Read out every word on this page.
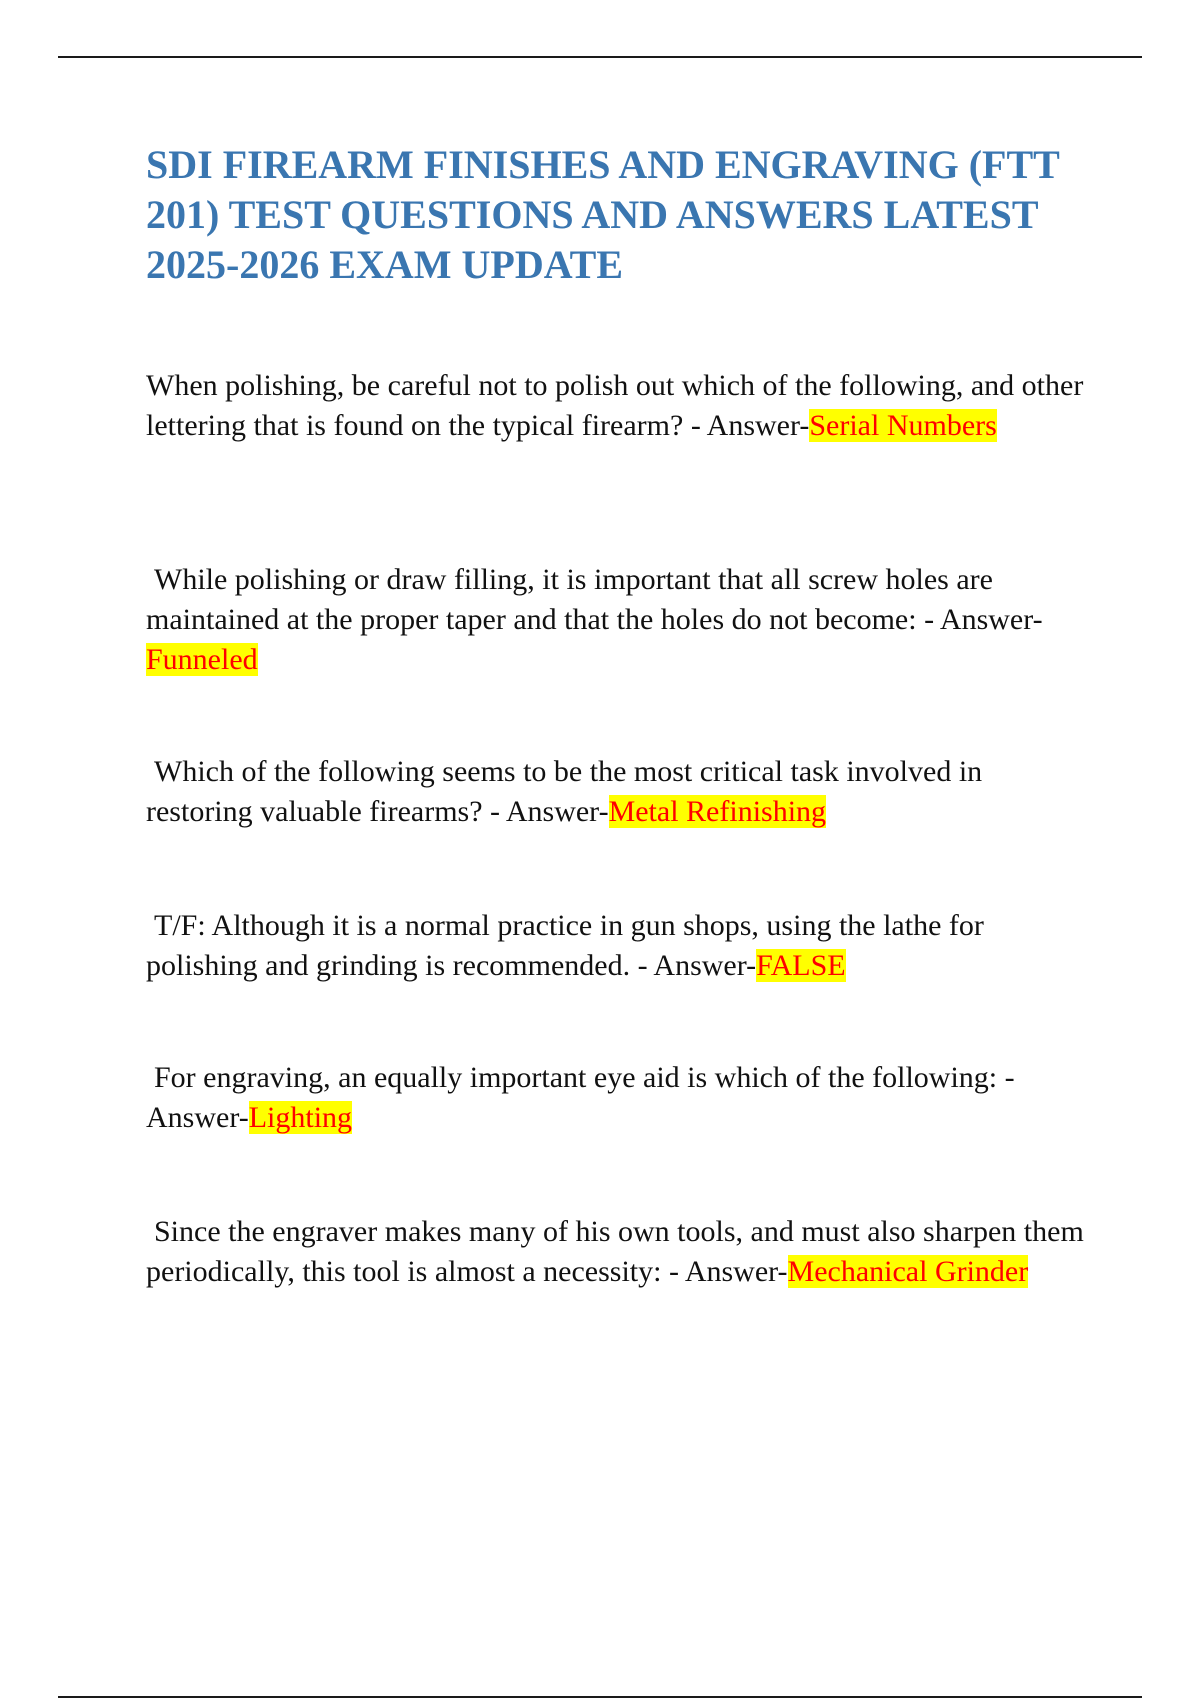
SDI FIREARM FINISHES AND ENGRAVING (FTT 201) TEST QUESTIONS AND ANSWERS LATEST 2025-2026 EXAM UPDATE

When polishing, be careful not to polish out which of the following, and other lettering that is found on the typical firearm? - Answer-Serial Numbers

While polishing or draw filling, it is important that all screw holes are maintained at the proper taper and that the holes do not become: - Answer-Funneled

Which of the following seems to be the most critical task involved in restoring valuable firearms? - Answer-Metal Refinishing

T/F: Although it is a normal practice in gun shops, using the lathe for polishing and grinding is recommended. - Answer-FALSE

For engraving, an equally important eye aid is which of the following: - Answer-Lighting

Since the engraver makes many of his own tools, and must also sharpen them periodically, this tool is almost a necessity: - Answer-Mechanical Grinder
